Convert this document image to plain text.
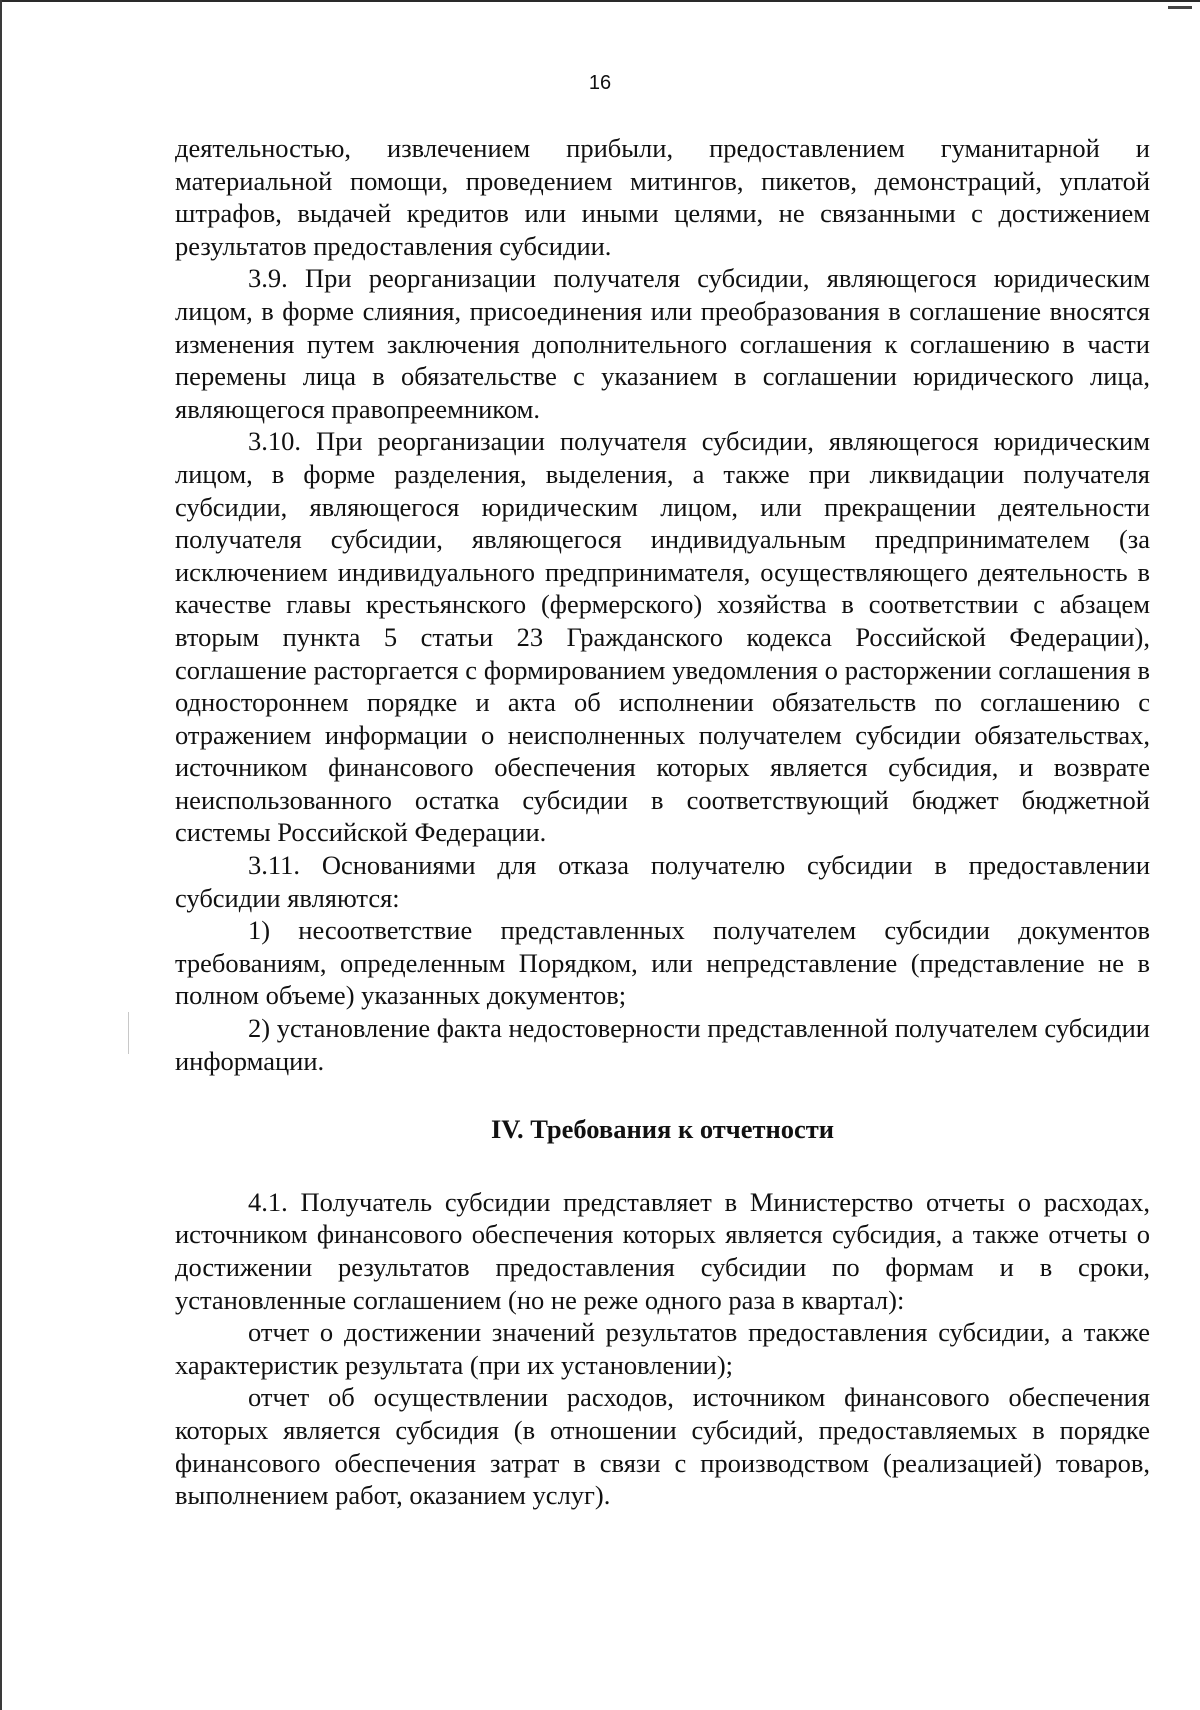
16

деятельностью, извлечением прибыли, предоставлением гуманитарной и материальной помощи, проведением митингов, пикетов, демонстраций, уплатой штрафов, выдачей кредитов или иными целями, не связанными с достижением результатов предоставления субсидии.

3.9. При реорганизации получателя субсидии, являющегося юридическим лицом, в форме слияния, присоединения или преобразования в соглашение вносятся изменения путем заключения дополнительного соглашения к соглашению в части перемены лица в обязательстве с указанием в соглашении юридического лица, являющегося правопреемником.

3.10. При реорганизации получателя субсидии, являющегося юридическим лицом, в форме разделения, выделения, а также при ликвидации получателя субсидии, являющегося юридическим лицом, или прекращении деятельности получателя субсидии, являющегося индивидуальным предпринимателем (за исключением индивидуального предпринимателя, осуществляющего деятельность в качестве главы крестьянского (фермерского) хозяйства в соответствии с абзацем вторым пункта 5 статьи 23 Гражданского кодекса Российской Федерации), соглашение расторгается с формированием уведомления о расторжении соглашения в одностороннем порядке и акта об исполнении обязательств по соглашению с отражением информации о неисполненных получателем субсидии обязательствах, источником финансового обеспечения которых является субсидия, и возврате неиспользованного остатка субсидии в соответствующий бюджет бюджетной системы Российской Федерации.

3.11. Основаниями для отказа получателю субсидии в предоставлении субсидии являются:

1) несоответствие представленных получателем субсидии документов требованиям, определенным Порядком, или непредставление (представление не в полном объеме) указанных документов;

2) установление факта недостоверности представленной получателем субсидии информации.

IV. Требования к отчетности

4.1. Получатель субсидии представляет в Министерство отчеты о расходах, источником финансового обеспечения которых является субсидия, а также отчеты о достижении результатов предоставления субсидии по формам и в сроки, установленные соглашением (но не реже одного раза в квартал):

отчет о достижении значений результатов предоставления субсидии, а также характеристик результата (при их установлении);

отчет об осуществлении расходов, источником финансового обеспечения которых является субсидия (в отношении субсидий, предоставляемых в порядке финансового обеспечения затрат в связи с производством (реализацией) товаров, выполнением работ, оказанием услуг).
